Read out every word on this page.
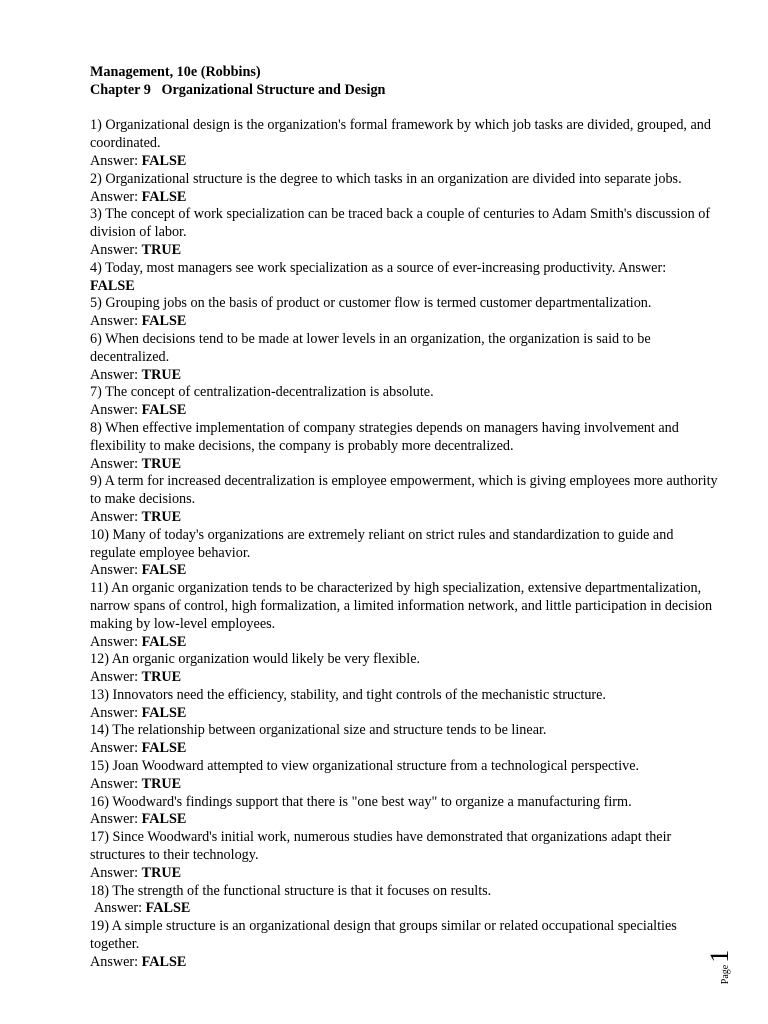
Management, 10e (Robbins)
Chapter 9   Organizational Structure and Design

1) Organizational design is the organization's formal framework by which job tasks are divided, grouped, and coordinated.

Answer: FALSE

2) Organizational structure is the degree to which tasks in an organization are divided into separate jobs.

Answer: FALSE

3) The concept of work specialization can be traced back a couple of centuries to Adam Smith's discussion of division of labor.

Answer: TRUE

4) Today, most managers see work specialization as a source of ever-increasing productivity. Answer:

FALSE

5) Grouping jobs on the basis of product or customer flow is termed customer departmentalization.

Answer: FALSE

6) When decisions tend to be made at lower levels in an organization, the organization is said to be decentralized.

Answer: TRUE

7) The concept of centralization-decentralization is absolute.

Answer: FALSE

8) When effective implementation of company strategies depends on managers having involvement and flexibility to make decisions, the company is probably more decentralized.

Answer: TRUE

9) A term for increased decentralization is employee empowerment, which is giving employees more authority to make decisions.

Answer: TRUE

10) Many of today's organizations are extremely reliant on strict rules and standardization to guide and regulate employee behavior.

Answer: FALSE

11) An organic organization tends to be characterized by high specialization, extensive departmentalization, narrow spans of control, high formalization, a limited information network, and little participation in decision making by low-level employees.

Answer: FALSE

12) An organic organization would likely be very flexible.

Answer: TRUE

13) Innovators need the efficiency, stability, and tight controls of the mechanistic structure.

Answer: FALSE

14) The relationship between organizational size and structure tends to be linear.

Answer: FALSE

15) Joan Woodward attempted to view organizational structure from a technological perspective.

Answer: TRUE

16) Woodward's findings support that there is "one best way" to organize a manufacturing firm.

Answer: FALSE

17) Since Woodward's initial work, numerous studies have demonstrated that organizations adapt their structures to their technology.

Answer: TRUE

18) The strength of the functional structure is that it focuses on results.

Answer: FALSE

19) A simple structure is an organizational design that groups similar or related occupational specialties together.

Answer: FALSE

Page
1
